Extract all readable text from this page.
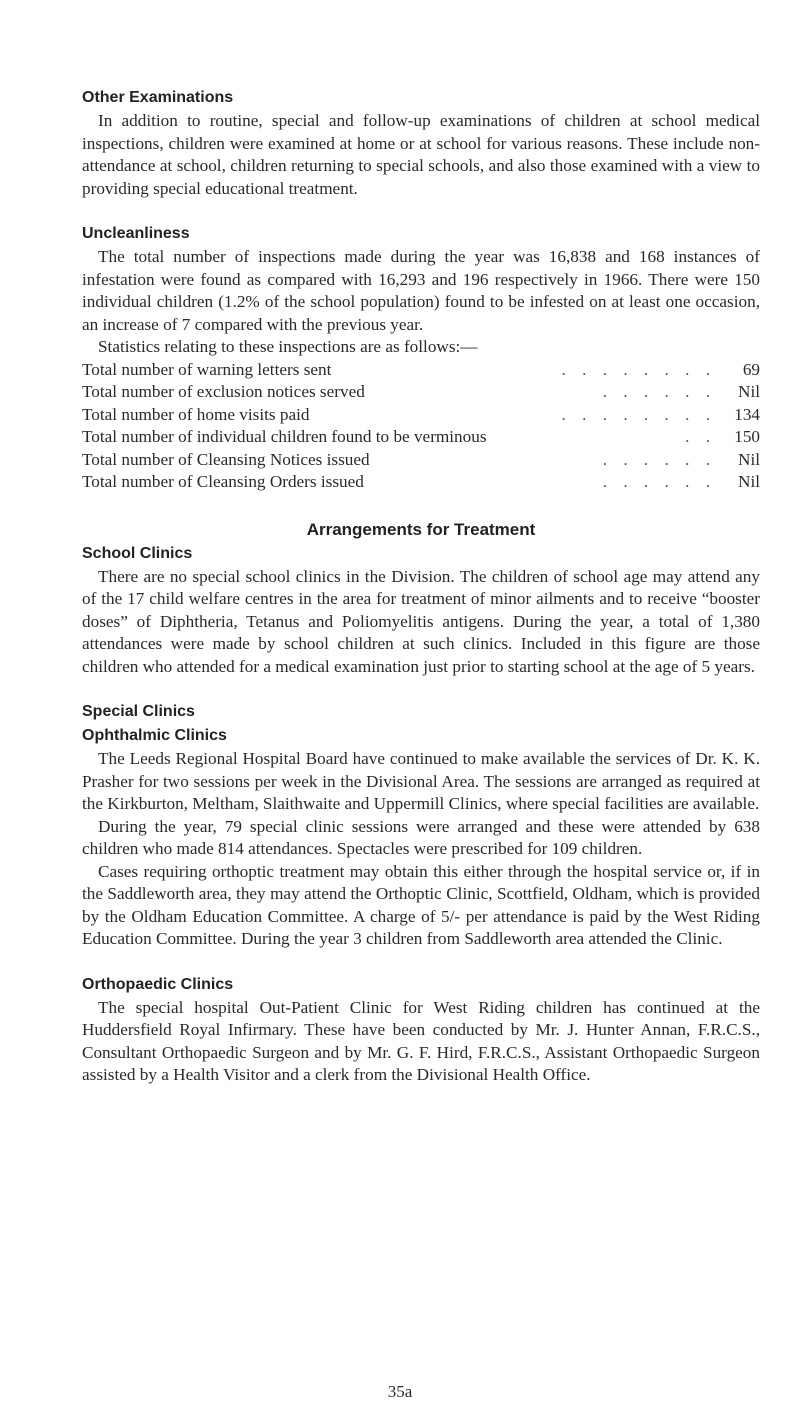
Other Examinations

In addition to routine, special and follow-up examinations of children at school medical inspections, children were examined at home or at school for various reasons. These include non-attendance at school, children returning to special schools, and also those examined with a view to providing special educational treatment.

Uncleanliness

The total number of inspections made during the year was 16,838 and 168 instances of infestation were found as compared with 16,293 and 196 respectively in 1966. There were 150 individual children (1.2% of the school population) found to be infested on at least one occasion, an increase of 7 compared with the previous year.

Statistics relating to these inspections are as follows:—

Total number of warning letters sent	. . . . . . . .	69
Total number of exclusion notices served	. . . . . .	Nil
Total number of home visits paid	. . . . . . . .	134
Total number of individual children found to be verminous	. .	150
Total number of Cleansing Notices issued	. . . . . .	Nil
Total number of Cleansing Orders issued	. . . . . .	Nil
Arrangements for Treatment
School Clinics

There are no special school clinics in the Division. The children of school age may attend any of the 17 child welfare centres in the area for treatment of minor ailments and to receive “booster doses” of Diphtheria, Tetanus and Poliomyelitis antigens. During the year, a total of 1,380 attendances were made by school children at such clinics. Included in this figure are those children who attended for a medical examination just prior to starting school at the age of 5 years.

Special Clinics
Ophthalmic Clinics

The Leeds Regional Hospital Board have continued to make available the services of Dr. K. K. Prasher for two sessions per week in the Divisional Area. The sessions are arranged as required at the Kirkburton, Meltham, Slaithwaite and Uppermill Clinics, where special facilities are available.

During the year, 79 special clinic sessions were arranged and these were attended by 638 children who made 814 attendances. Spectacles were prescribed for 109 children.

Cases requiring orthoptic treatment may obtain this either through the hospital service or, if in the Saddleworth area, they may attend the Orthoptic Clinic, Scottfield, Oldham, which is provided by the Oldham Education Committee. A charge of 5/- per attendance is paid by the West Riding Education Committee. During the year 3 children from Saddleworth area attended the Clinic.

Orthopaedic Clinics

The special hospital Out-Patient Clinic for West Riding children has continued at the Huddersfield Royal Infirmary. These have been conducted by Mr. J. Hunter Annan, F.R.C.S., Consultant Orthopaedic Surgeon and by Mr. G. F. Hird, F.R.C.S., Assistant Orthopaedic Surgeon assisted by a Health Visitor and a clerk from the Divisional Health Office.

35a
